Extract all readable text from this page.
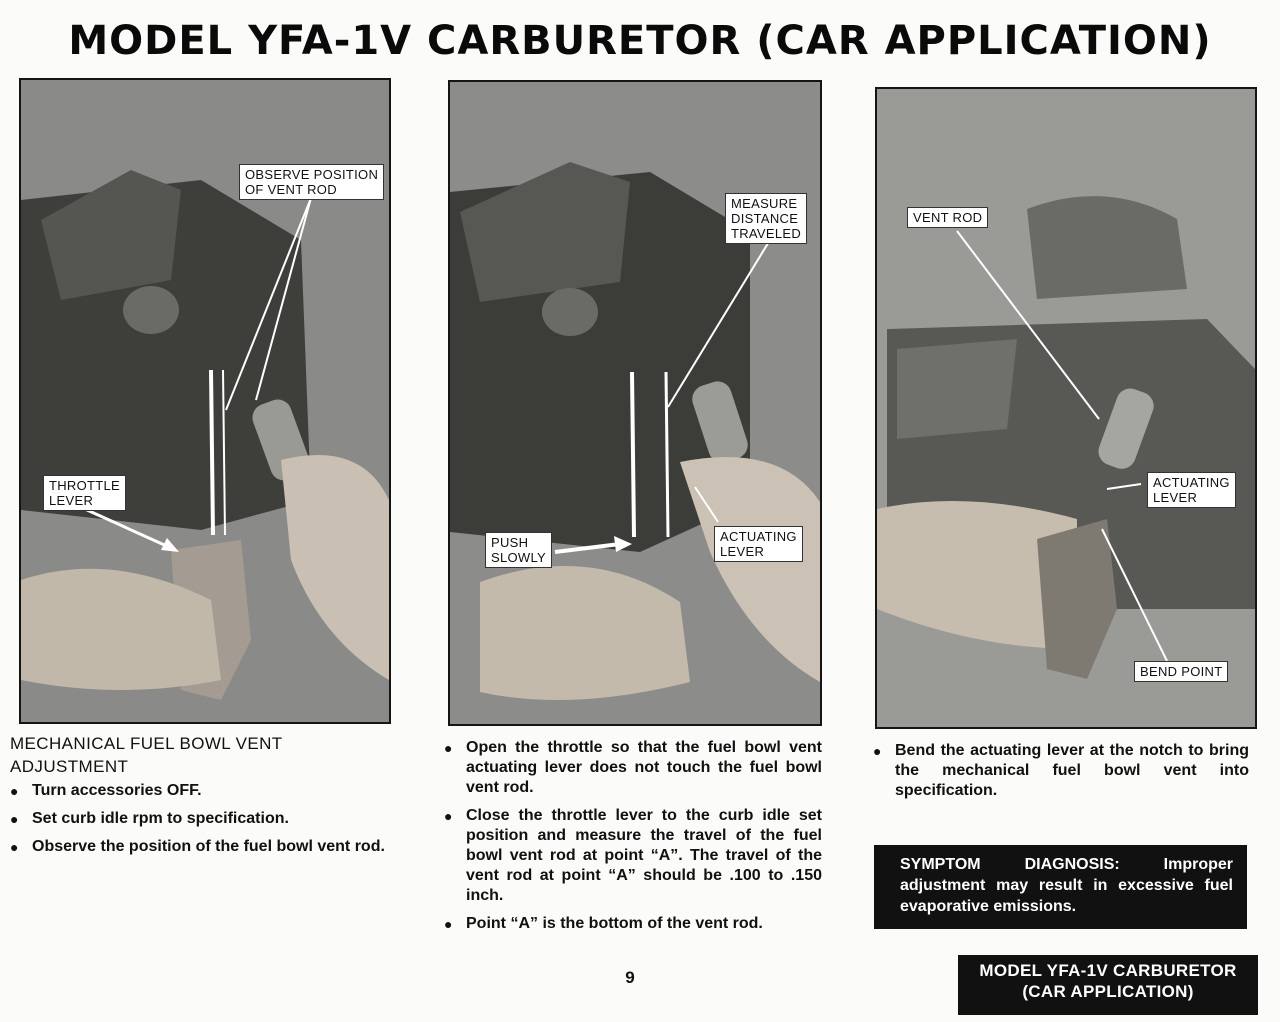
MODEL YFA-1V CARBURETOR (CAR APPLICATION)
OBSERVE POSITION
OF VENT ROD
THROTTLE
LEVER
MEASURE
DISTANCE
TRAVELED
PUSH
SLOWLY
ACTUATING
LEVER
VENT ROD
ACTUATING
LEVER
BEND POINT
MECHANICAL FUEL BOWL VENT
ADJUSTMENT
● Turn accessories OFF.
● Set curb idle rpm to specification.
● Observe the position of the fuel bowl vent rod.
● Open the throttle so that the fuel bowl vent actuating lever does not touch the fuel bowl vent rod.
● Close the throttle lever to the curb idle set position and measure the travel of the fuel bowl vent rod at point “A”. The travel of the vent rod at point “A” should be .100 to .150 inch.
● Point “A” is the bottom of the vent rod.
● Bend the actuating lever at the notch to bring the mechanical fuel bowl vent into specification.
SYMPTOM DIAGNOSIS: Improper adjustment may result in excessive fuel evaporative emissions.
9	MODEL YFA-1V CARBURETOR
(CAR APPLICATION)
